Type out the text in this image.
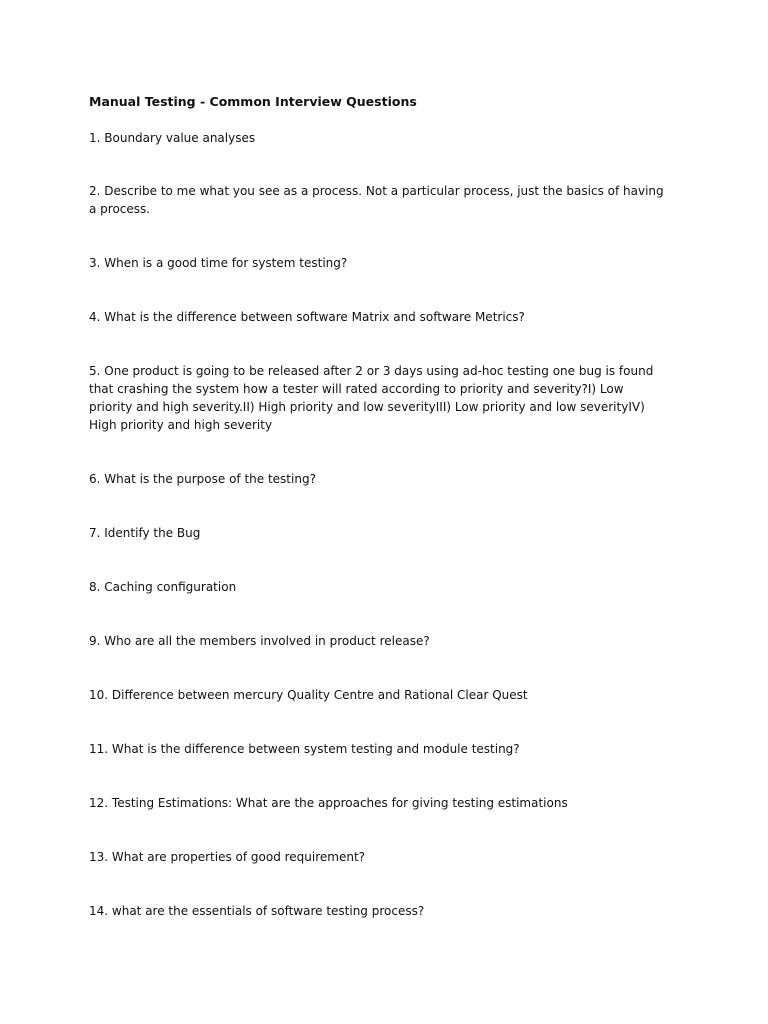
Manual Testing - Common Interview Questions
1. Boundary value analyses
2. Describe to me what you see as a process. Not a particular process, just the basics of having a process.
3. When is a good time for system testing?
4. What is the difference between software Matrix and software Metrics?
5. One product is going to be released after 2 or 3 days using ad-hoc testing one bug is found that crashing the system how a tester will rated according to priority and severity?I) Low priority and high severity.II) High priority and low severityIII) Low priority and low severityIV) High priority and high severity
6. What is the purpose of the testing?
7. Identify the Bug
8. Caching configuration
9. Who are all the members involved in product release?
10. Difference between mercury Quality Centre and Rational Clear Quest
11. What is the difference between system testing and module testing?
12. Testing Estimations: What are the approaches for giving testing estimations
13. What are properties of good requirement?
14. what are the essentials of software testing process?
